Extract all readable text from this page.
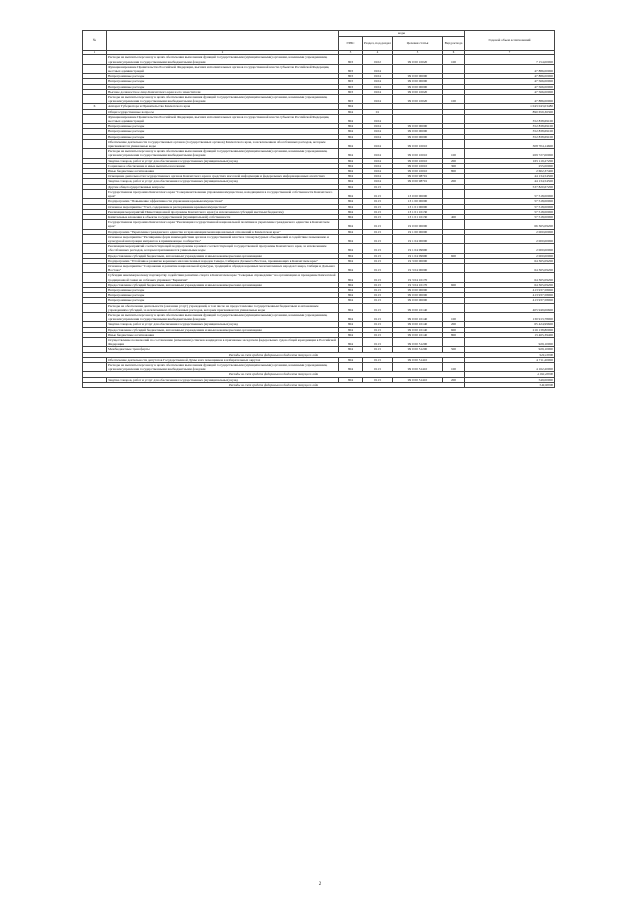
№		коды				Годовой объем ассигнований
		ГРБС	Раздел, под-раздел	Целевая статья	Вид расхода	
1	2	3	4	5	6	7
	Расходы на выплаты персоналу в целях обеспечения выполнения функций государственными (муниципальными) органами, казенными учреждениями, органами управления государственными внебюджетными фондами	803	0102	99 0 00 10020	100	7 154,00000
	Функционирование Правительства Российской Федерации, высших исполнительных органов государственной власти субъектов Российской Федерации, местных администраций	803	0104			47 886,00000
	Непрограммные расходы	803	0104	99 0 00 00000		47 886,00000
	Непрограммные расходы	803	0104	99 0 00 00000		47 566,00000
	Непрограммные расходы	803	0104	99 0 00 00000		47 566,00000
	Высшее должностное лицо Камчатского края и его заместители	803	0104	99 0 00 10020		47 566,00000
	Расходы на выплаты персоналу в целях обеспечения выполнения функций государственными (муниципальными) органами, казенными учреждениями, органами управления государственными внебюджетными фондами	803	0104	99 0 00 10020	100	47 886,00000
6	Аппарат Губернатора и Правительства Камчатского края	804				1 043 043,03480
	Общегосударственные вопросы	804	01			890 659,36300
	Функционирование Правительства Российской Федерации, высших исполнительных органов государственной власти субъектов Российской Федерации, местных администраций	804	0104			352 838,69100
	Непрограммные расходы	804	0104	99 0 00 00000		352 838,69100
	Непрограммные расходы	804	0104	99 0 00 00000		352 838,69100
	Непрограммные расходы	804	0104	99 0 00 00000		352 838,69100
	Обеспечение деятельности государственных органов (государственных органов) Камчатского края, за исключением обособленных расходов, которым присваиваются уникальные коды	804	0104	99 0 00 10010		308 704,14600
	Расходы на выплаты персоналу в целях обеспечения выполнения функций государственными (муниципальными) органами, казенными учреждениями, органами управления государственными внебюджетными фондами	804	0104	99 0 00 10010	100	269 727,00000
	Закупка товаров, работ и услуг для обеспечения государственных (муниципальных) нужд	804	0104	99 0 00 10010	200	165 119,27200
	Социальное обеспечение и иные выплаты населению	804	0104	99 0 00 10010	300	255,00000
	Иные бюджетные ассигнования	804	0104	99 0 00 10010	800	2 602,37400
	Освещение деятельности государственных органов Камчатского края в средствах массовой информации и федеральных информационных агентствах	804	0104	99 0 00 98701		44 134,54500
	Закупка товаров, работ и услуг для обеспечения государственных (муниципальных) нужд	804	0104	99 0 00 98701	200	44 134,54500
	Другие общегосударственные вопросы	804	0113			537 820,67200
	Государственная программа Камчатского края "Совершенствование управления имуществом, находящимся в государственной собственности Камчатского края"	804	0113	13 0 00 00000		57 518,00000
	Подпрограмма "Повышение эффективности управления краевым имуществом"	804	0113	13 1 00 00000		57 518,00000
	Основное мероприятие "Учет, содержание и распоряжение краевым имуществом"	804	0113	13 1 01 00000		57 518,00000
	Реализация мероприятий Инвестиционной программы Камчатского края (за исключением субсидий местным бюджетам)	804	0113	13 1 01 10130		57 518,00000
	Капитальные вложения в объекты государственной (муниципальной) собственности	804	0113	13 1 01 10130	400	57 518,00000
	Государственная программа Камчатского края "Реализация государственной национальной политики и укрепление гражданского единства в Камчатском крае"	804	0113	19 0 00 00000		66 365,09200
	Подпрограмма "Укрепление гражданского единства и гармонизация межнациональных отношений в Камчатском крае"	804	0113	19 1 00 00000		2 000,00000
	Основное мероприятие "Расширение форм взаимодействия органов государственной власти и этнокультурных объединений и содействие повышению и культурной интеграции мигрантов в принимающее сообщество"	804	0113	19 1 04 00000		2 000,00000
	Реализация мероприятий соответствующей подпрограммы в рамках соответствующей государственной программы Камчатского края, за исключением обособленных расходов, которым присваиваются уникальные коды	804	0113	19 1 04 09990		2 000,00000
	Предоставление субсидий бюджетным, автономным учреждениям и иным некоммерческим организациям	804	0113	19 1 04 09990	600	2 000,00000
	Подпрограмма "Устойчивое развитие коренных малочисленных народов Севера, Сибири и Дальнего Востока, проживающих в Камчатском крае"	804	0113	19 3 00 00000		64 365,09200
	Основное мероприятие "Сохранение и развитие национальной культуры, традиций и обрядов коренных малочисленных народов Севера, Сибири и Дальнего Востока"	804	0113	19 3 04 00000		64 365,09200
	Субсидия некоммерческому партнерству содействия развитию спорта в Камчатском крае "Северные справедливо" на организацию и проведение Камчатской традиционной гонки на собачьих упряжках "Берингия"	804	0113	19 3 04 10170		64 365,09200
	Предоставление субсидий бюджетным, автономным учреждениям и иным некоммерческим организациям	804	0113	19 3 04 10170	600	64 365,09200
	Непрограммные расходы	804	0113	99 0 00 00000		413 937,58000
	Непрограммные расходы	804	0113	99 0 00 00000		413 937,58000
	Непрограммные расходы	804	0113	99 0 00 00000		413 937,58000
	Расходы на обеспечение деятельности (оказание услуг) учреждений, в том числе на предоставление государственным бюджетным и автономным учреждениям субсидий, за исключением обособленных расходов, которым присваиваются уникальные коды	804	0113	99 0 00 10140		405 949,06600
	Расходы на выплаты персоналу в целях обеспечения выполнения функций государственными (муниципальными) органами, казенными учреждениями, органами управления государственными внебюджетными фондами	804	0113	99 0 00 10140	100	130 913,78000
	Закупка товаров, работ и услуг для обеспечения государственных (муниципальных) нужд	804	0113	99 0 00 10140	200	65 424,99600
	Предоставление субсидий бюджетным, автономным учреждениям и иным некоммерческим организациям	804	0113	99 0 00 10140	600	216 138,80000
	Иные бюджетные ассигнования	804	0113	99 0 00 10140	800	13 465,39400
	Осуществление полномочий по составлению (изменению) списков кандидатов в присяжные заседатели федеральных судов общей юрисдикции в Российской Федерации	804	0113	99 0 00 51200		929,10000
	Межбюджетные трансферты	804	0113	99 0 00 51200	500	929,10000
Расходы за счет средств федерального бюджета текущего года						929,10000
	Обеспечение деятельности депутатов Государственной Думы и их помощников в избирательных округах	804	0113	99 0 00 51410		4 711,20000
	Расходы на выплаты персоналу в целях обеспечения выполнения функций государственными (муниципальными) органами, казенными учреждениями, органами управления государственными внебюджетными фондами	804	0113	99 0 00 51410	100	4 162,20000
Расходы за счет средств федерального бюджета текущего года						4 162,20000
	Закупка товаров, работ и услуг для обеспечения государственных (муниципальных) нужд	804	0113	99 0 00 51410	200	549,00000
Расходы за счет средств федерального бюджета текущего года						549,00000
2
